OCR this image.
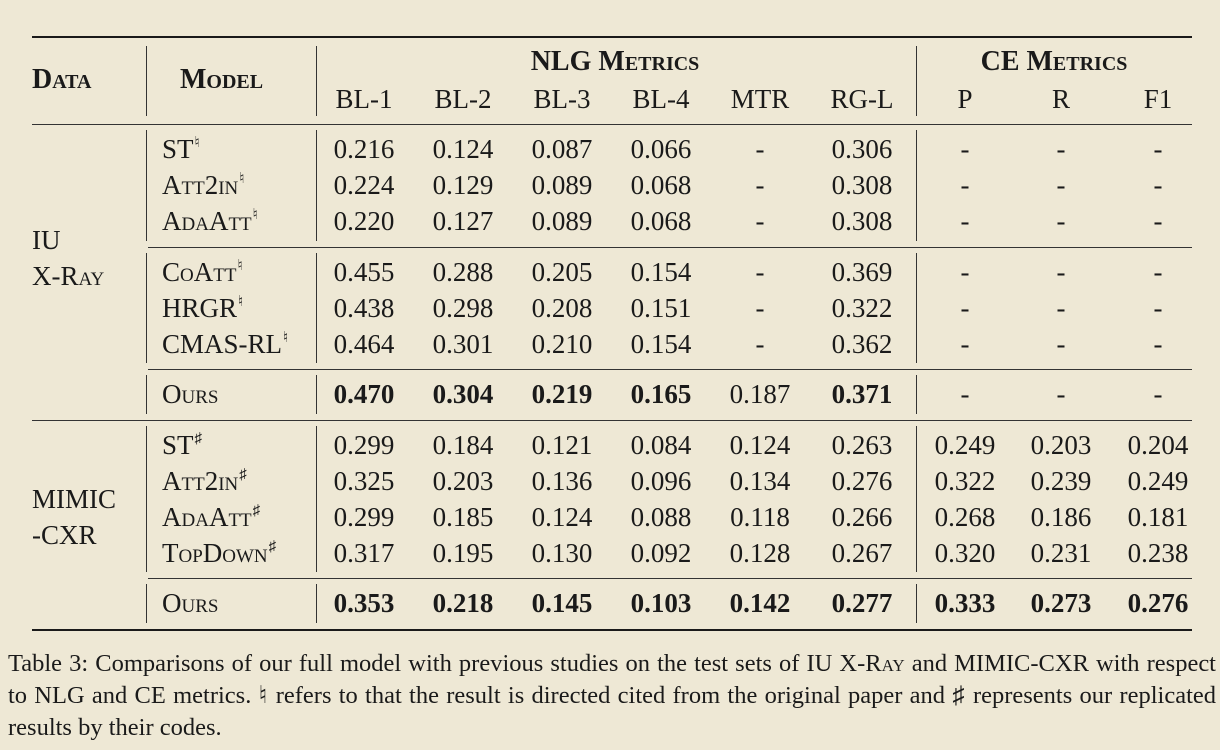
Data	Model
NLG Metrics	CE Metrics
BL-1 BL-2 BL-3 BL-4 MTR RG-L P	R	F1
IU
X-Ray
ST♮	0.216 0.124 0.087 0.066 - 0.306	-	-	-
Att2in♮	0.224 0.129 0.089 0.068 - 0.308	-	-	-
AdaAtt♮	0.220 0.127 0.089 0.068 - 0.308	-	-	-
CoAtt♮	0.455 0.288 0.205 0.154 - 0.369	-	-	-
HRGR♮	0.438 0.298 0.208 0.151 - 0.322	-	-	-
CMAS-RL♮ 0.464 0.301 0.210 0.154 - 0.362	-	-	-
Ours	0.470 0.304 0.219 0.165 0.187 0.371	-	-	-
MIMIC
-CXR
ST♯	0.299 0.184 0.121 0.084 0.124 0.263 0.249 0.203 0.204
Att2in♯	0.325 0.203 0.136 0.096 0.134 0.276 0.322 0.239 0.249
AdaAtt♯	0.299 0.185 0.124 0.088 0.118 0.266 0.268 0.186 0.181
TopDown♯ 0.317 0.195 0.130 0.092 0.128 0.267 0.320 0.231 0.238
Ours	0.353 0.218 0.145 0.103 0.142 0.277 0.333 0.273 0.276
Table 3: Comparisons of our full model with previous studies on the test sets of IU X-Ray and MIMIC-CXR with respect to NLG and CE metrics. ♮ refers to that the result is directed cited from the original paper and ♯ represents our replicated results by their codes.
